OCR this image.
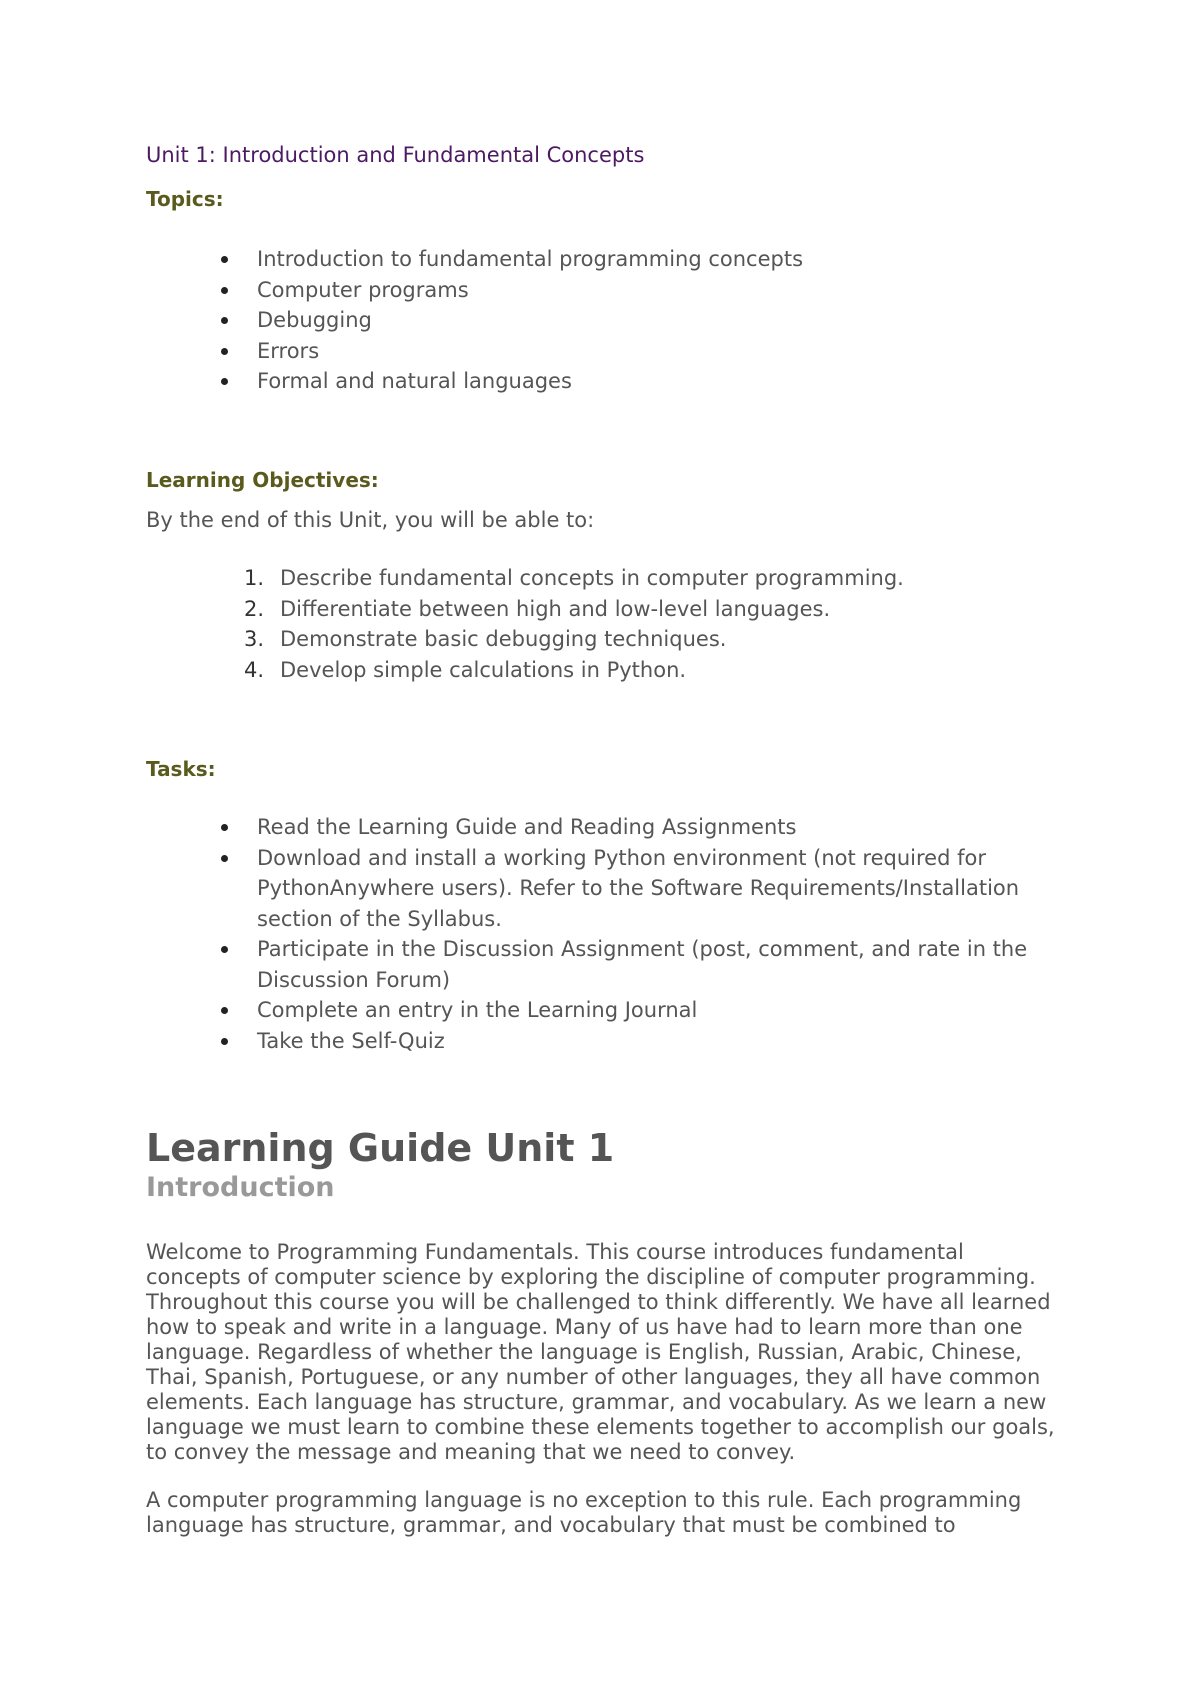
Unit 1: Introduction and Fundamental Concepts
Topics:
Introduction to fundamental programming concepts
Computer programs
Debugging
Errors
Formal and natural languages
Learning Objectives:
By the end of this Unit, you will be able to:
1. Describe fundamental concepts in computer programming.
2. Differentiate between high and low-level languages.
3. Demonstrate basic debugging techniques.
4. Develop simple calculations in Python.
Tasks:
Read the Learning Guide and Reading Assignments
Download and install a working Python environment (not required for PythonAnywhere users). Refer to the Software Requirements/Installation section of the Syllabus.
Participate in the Discussion Assignment (post, comment, and rate in the Discussion Forum)
Complete an entry in the Learning Journal
Take the Self-Quiz
Learning Guide Unit 1
Introduction

Welcome to Programming Fundamentals. This course introduces fundamental concepts of computer science by exploring the discipline of computer programming. Throughout this course you will be challenged to think differently. We have all learned how to speak and write in a language. Many of us have had to learn more than one language. Regardless of whether the language is English, Russian, Arabic, Chinese, Thai, Spanish, Portuguese, or any number of other languages, they all have common elements. Each language has structure, grammar, and vocabulary. As we learn a new language we must learn to combine these elements together to accomplish our goals, to convey the message and meaning that we need to convey.

A computer programming language is no exception to this rule. Each programming language has structure, grammar, and vocabulary that must be combined to
